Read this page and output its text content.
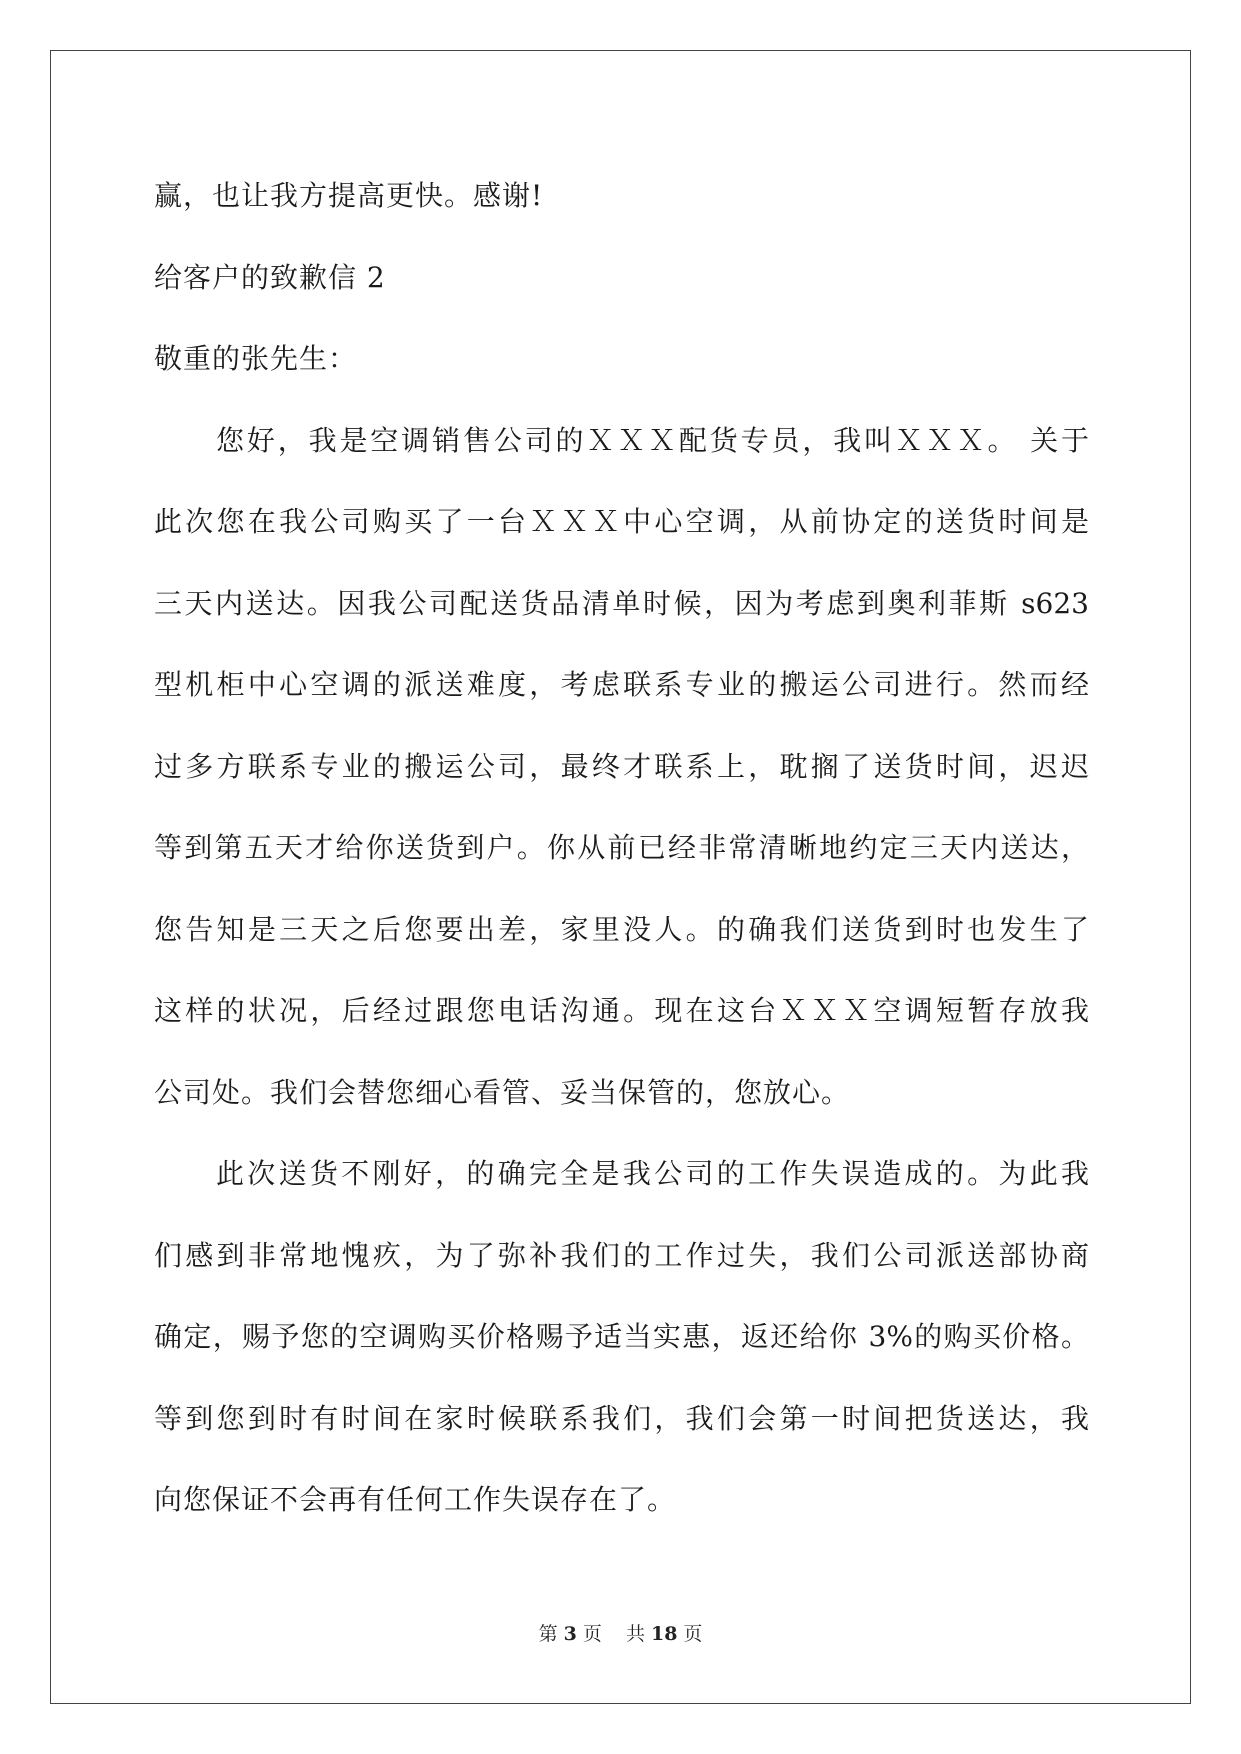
赢，也让我方提高更快。感谢!
给客户的致歉信 2
敬重的张先生：
您好，我是空调销售公司的ＸＸＸ配货专员，我叫ＸＸＸ。 关于
此次您在我公司购买了一台ＸＸＸ中心空调，从前协定的送货时间是
三天内送达。因我公司配送货品清单时候，因为考虑到奥利菲斯 s623
型机柜中心空调的派送难度，考虑联系专业的搬运公司进行。然而经
过多方联系专业的搬运公司，最终才联系上，耽搁了送货时间，迟迟
等到第五天才给你送货到户。你从前已经非常清晰地约定三天内送达，
您告知是三天之后您要出差，家里没人。的确我们送货到时也发生了
这样的状况，后经过跟您电话沟通。现在这台ＸＸＸ空调短暂存放我
公司处。我们会替您细心看管、妥当保管的，您放心。
此次送货不刚好，的确完全是我公司的工作失误造成的。为此我
们感到非常地愧疚，为了弥补我们的工作过失，我们公司派送部协商
确定，赐予您的空调购买价格赐予适当实惠，返还给你 3%的购买价格。
等到您到时有时间在家时候联系我们，我们会第一时间把货送达，我
向您保证不会再有任何工作失误存在了。
第 3 页 共 18 页
